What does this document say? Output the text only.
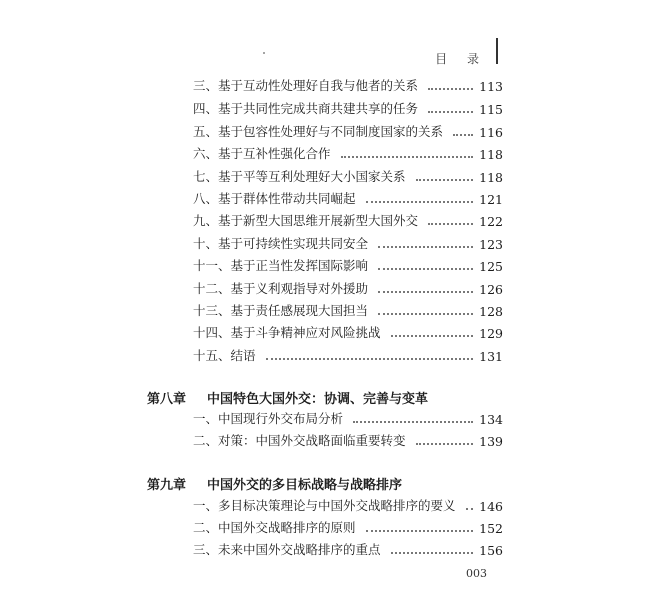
目 录
三、基于互动性处理好自我与他者的关系	113
四、基于共同性完成共商共建共享的任务	115
五、基于包容性处理好与不同制度国家的关系	116
六、基于互补性强化合作	118
七、基于平等互利处理好大小国家关系	118
八、基于群体性带动共同崛起	121
九、基于新型大国思维开展新型大国外交	122
十、基于可持续性实现共同安全	123
十一、基于正当性发挥国际影响	125
十二、基于义利观指导对外援助	126
十三、基于责任感展现大国担当	128
十四、基于斗争精神应对风险挑战	129
十五、结语	131
第八章 中国特色大国外交：协调、完善与变革
一、中国现行外交布局分析	134
二、对策：中国外交战略面临重要转变	139
第九章 中国外交的多目标战略与战略排序
一、多目标决策理论与中国外交战略排序的要义	146
二、中国外交战略排序的原则	152
三、未来中国外交战略排序的重点	156
003
